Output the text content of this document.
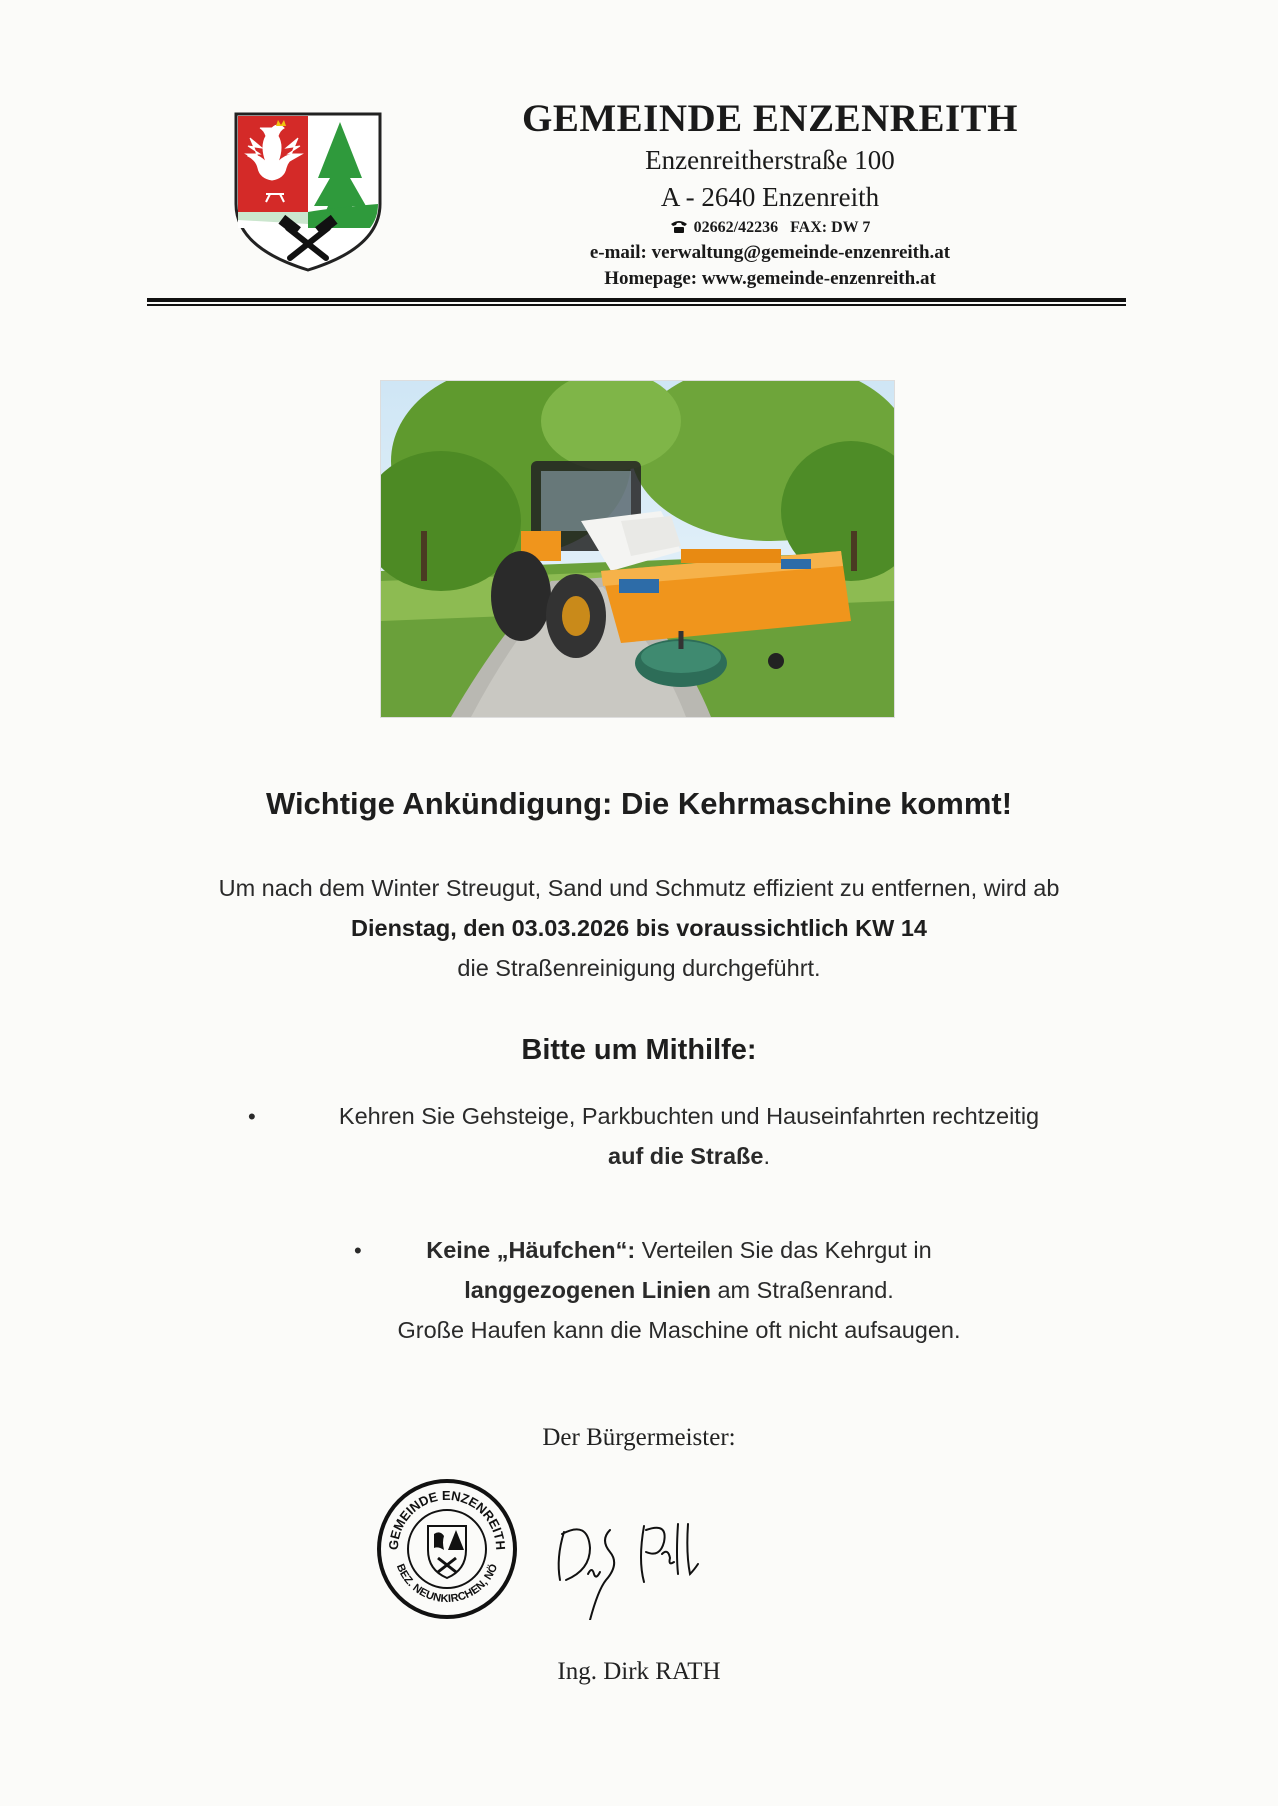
GEMEINDE ENZENREITH
Enzenreitherstraße 100
A - 2640 Enzenreith
02662/42236 FAX: DW 7
e-mail: verwaltung@gemeinde-enzenreith.at
Homepage: www.gemeinde-enzenreith.at
Wichtige Ankündigung: Die Kehrmaschine kommt!
Um nach dem Winter Streugut, Sand und Schmutz effizient zu entfernen, wird ab
Dienstag, den 03.03.2026 bis voraussichtlich KW 14
die Straßenreinigung durchgeführt.
Bitte um Mithilfe:
•	Kehren Sie Gehsteige, Parkbuchten und Hauseinfahrten rechtzeitig
auf die Straße.
•	Keine „Häufchen“: Verteilen Sie das Kehrgut in
langgezogenen Linien am Straßenrand.
Große Haufen kann die Maschine oft nicht aufsaugen.
Der Bürgermeister:
GEMEINDE ENZENREITH
BEZ. NEUNKIRCHEN, NÖ
Ing. Dirk RATH
